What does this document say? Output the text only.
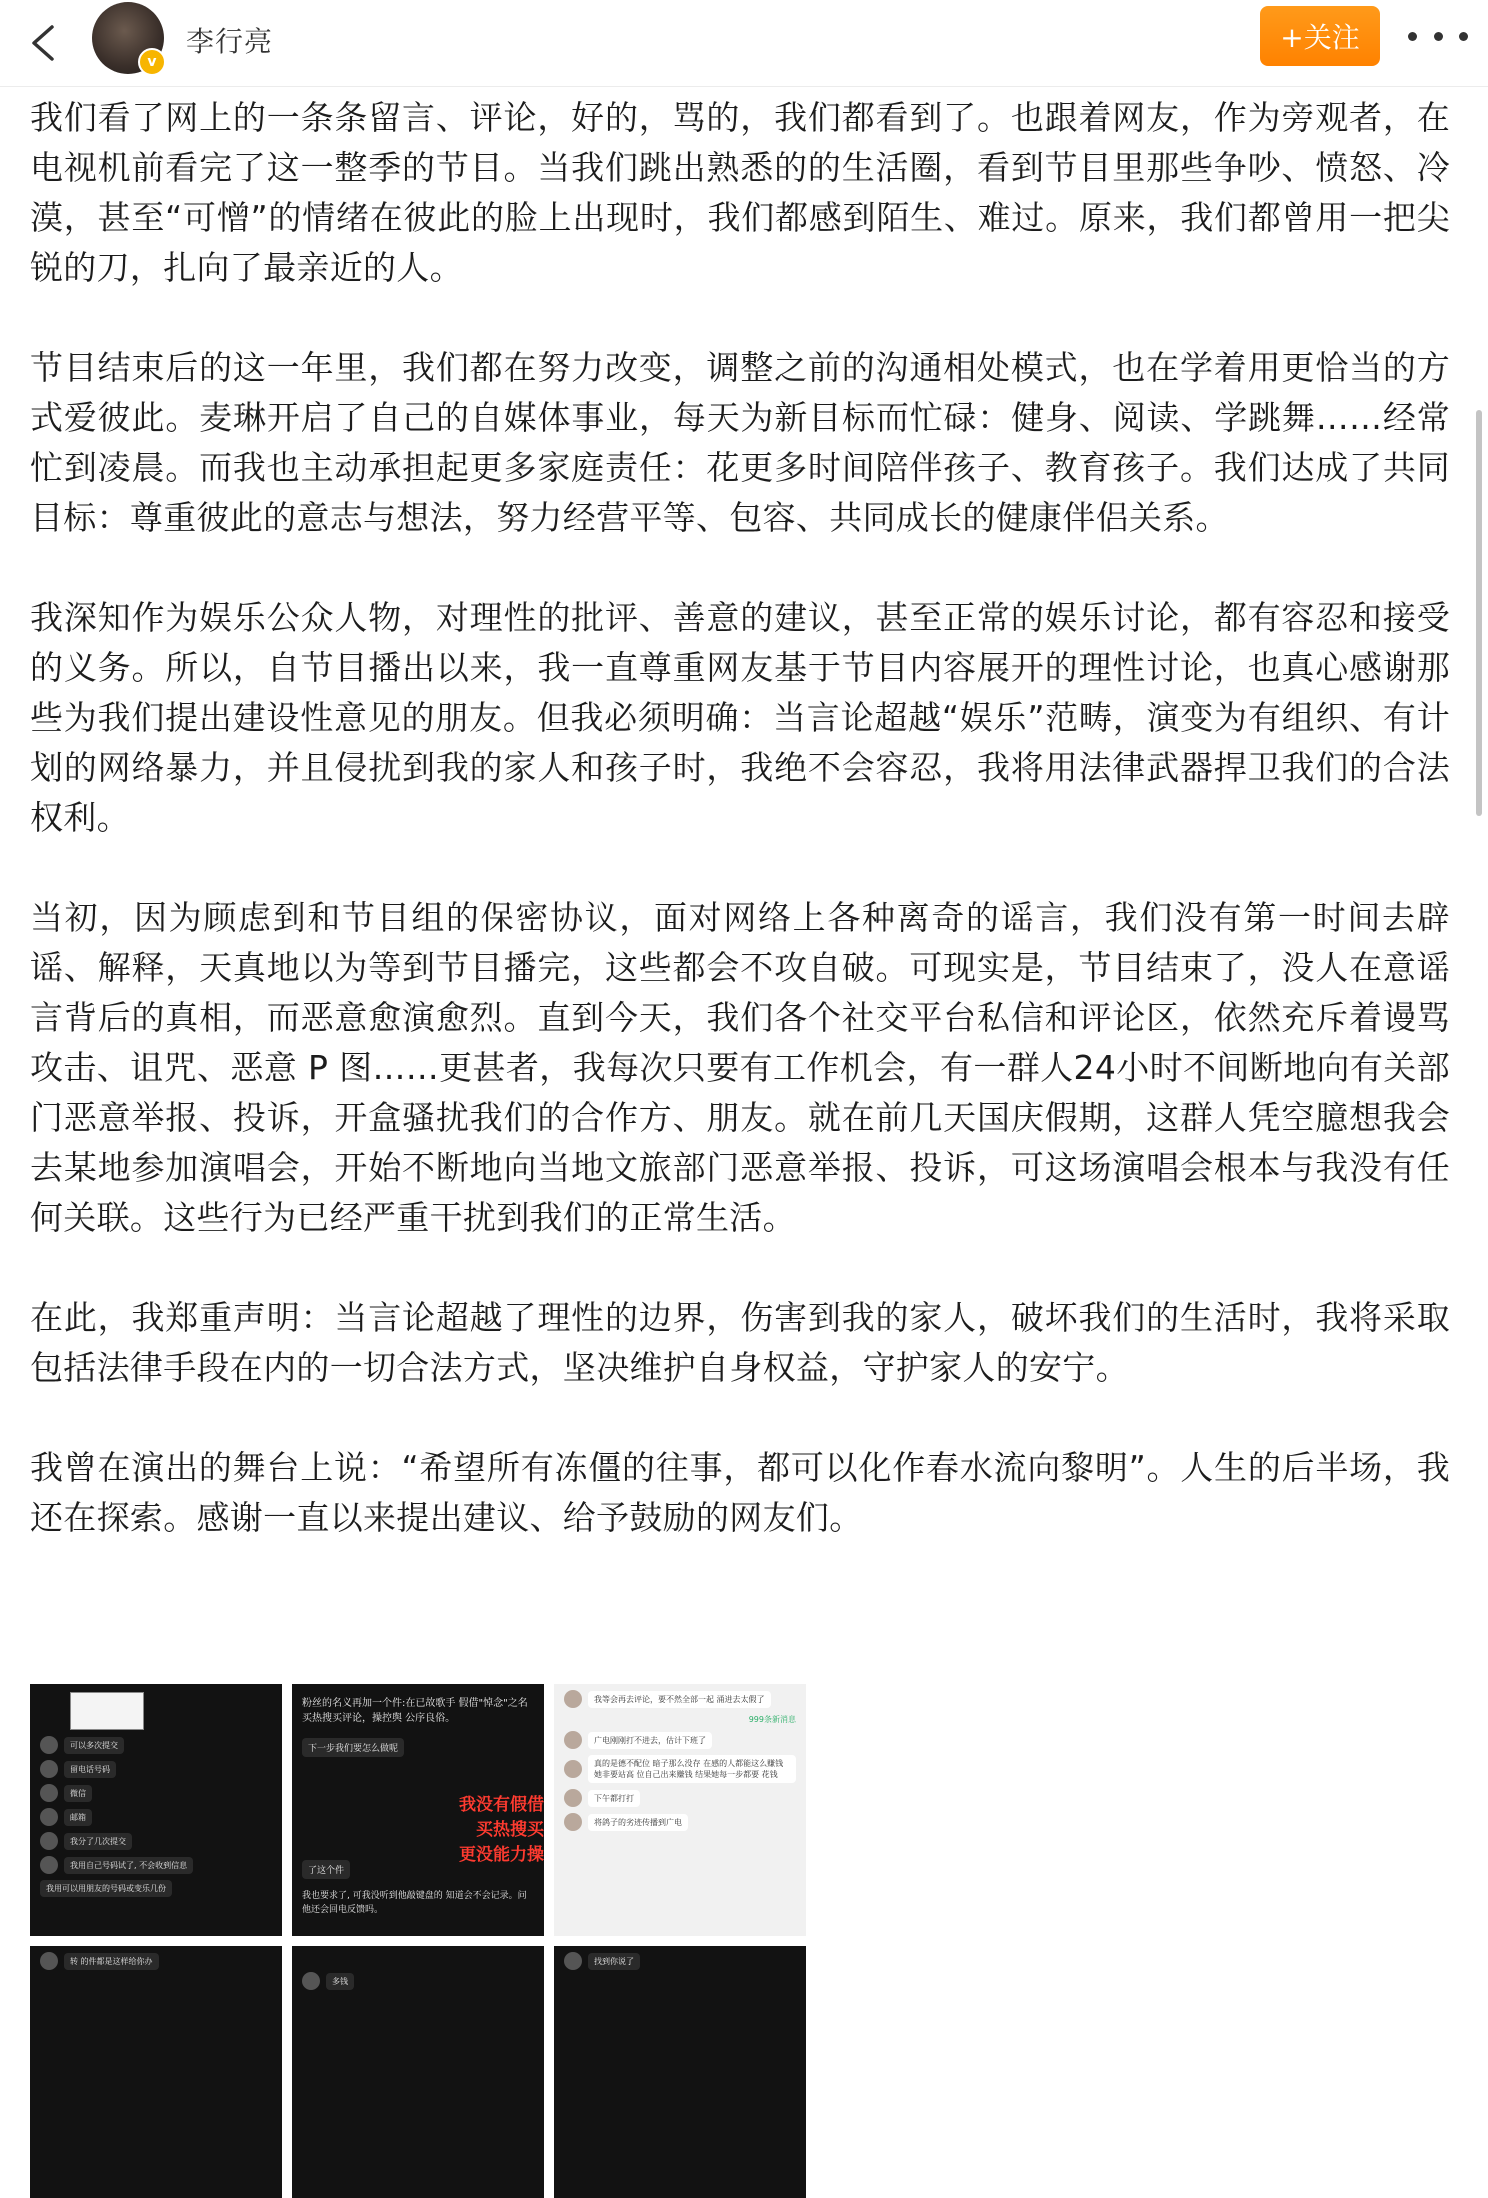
v
李行亮	+关注

我们看了网上的一条条留言、评论，好的，骂的，我们都看到了。也跟着网友，作为旁观者，在电视机前看完了这一整季的节目。当我们跳出熟悉的的生活圈，看到节目里那些争吵、愤怒、冷漠，甚至“可憎”的情绪在彼此的脸上出现时，我们都感到陌生、难过。原来，我们都曾用一把尖锐的刀，扎向了最亲近的人。

节目结束后的这一年里，我们都在努力改变，调整之前的沟通相处模式，也在学着用更恰当的方式爱彼此。麦琳开启了自己的自媒体事业，每天为新目标而忙碌：健身、阅读、学跳舞……经常忙到凌晨。而我也主动承担起更多家庭责任：花更多时间陪伴孩子、教育孩子。我们达成了共同目标：尊重彼此的意志与想法，努力经营平等、包容、共同成长的健康伴侣关系。

我深知作为娱乐公众人物，对理性的批评、善意的建议，甚至正常的娱乐讨论，都有容忍和接受的义务。所以，自节目播出以来，我一直尊重网友基于节目内容展开的理性讨论，也真心感谢那些为我们提出建设性意见的朋友。但我必须明确：当言论超越“娱乐”范畴，演变为有组织、有计划的网络暴力，并且侵扰到我的家人和孩子时，我绝不会容忍，我将用法律武器捍卫我们的合法权利。

当初，因为顾虑到和节目组的保密协议，面对网络上各种离奇的谣言，我们没有第一时间去辟谣、解释，天真地以为等到节目播完，这些都会不攻自破。可现实是，节目结束了，没人在意谣言背后的真相，而恶意愈演愈烈。直到今天，我们各个社交平台私信和评论区，依然充斥着谩骂攻击、诅咒、恶意 P 图……更甚者，我每次只要有工作机会，有一群人24小时不间断地向有关部门恶意举报、投诉，开盒骚扰我们的合作方、朋友。就在前几天国庆假期，这群人凭空臆想我会去某地参加演唱会，开始不断地向当地文旅部门恶意举报、投诉，可这场演唱会根本与我没有任何关联。这些行为已经严重干扰到我们的正常生活。

在此，我郑重声明：当言论超越了理性的边界，伤害到我的家人，破坏我们的生活时，我将采取包括法律手段在内的一切合法方式，坚决维护自身权益，守护家人的安宁。

我曾在演出的舞台上说：“希望所有冻僵的往事，都可以化作春水流向黎明”。人生的后半场，我还在探索。感谢一直以来提出建议、给予鼓励的网友们。

可以多次提交
留电话号码
微信
邮箱
我分了几次提交
我用自己号码试了, 不会收到信息
我用可以用朋友的号码或变乐几份
粉丝的名义再加一个件:在已故歌手 假借"悼念"之名买热搜买评论，操控舆 公序良俗。
下一步我们要怎么做呢
我没有假借
买热搜买
更没能力操
了这个件
我也要求了, 可我没听到他敲键盘的 知道会不会记录。问他还会回电反馈吗。
我等会再去评论，要不然全部一起 涌进去太假了
999条新消息
广电刚刚打不进去，估计下班了
真的是德不配位 暗子那么没存 在感的人都能这么赚钱 她非要站高 位自己出来赚钱 结果她每一步都要 花钱
下午都打打
将鸽子的劣迹传播到广电
转 的件都是这样给你办
多钱
找到你说了
